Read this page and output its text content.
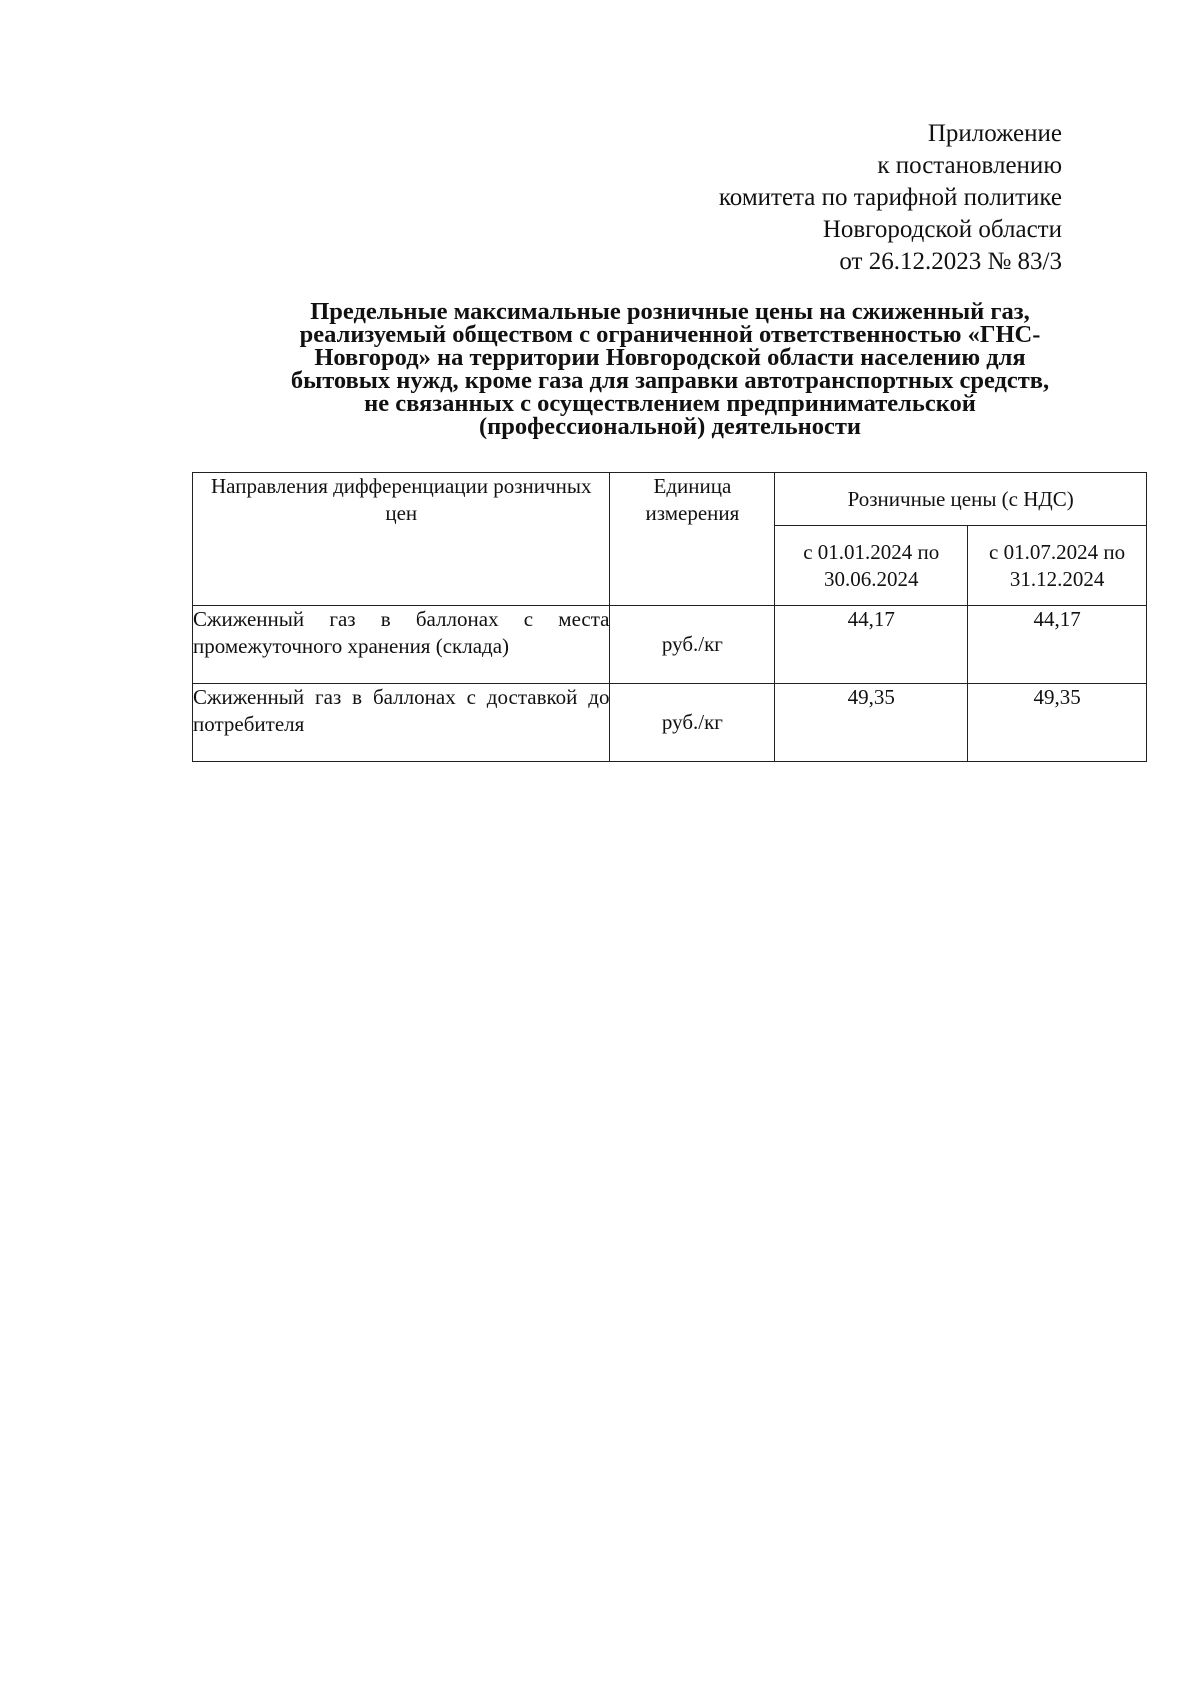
Приложение
к постановлению
комитета по тарифной политике
Новгородской области
от 26.12.2023 № 83/3
Предельные максимальные розничные цены на сжиженный газ,
реализуемый обществом с ограниченной ответственностью «ГНС-
Новгород» на территории Новгородской области населению для
бытовых нужд, кроме газа для заправки автотранспортных средств,
не связанных с осуществлением предпринимательской
(профессиональной) деятельности
Направления дифференциации розничных цен	Единица измерения	Розничные цены (с НДС)	
		с 01.01.2024 по 30.06.2024	с 01.07.2024 по 31.12.2024
Сжиженный газ в баллонах с места промежуточного хранения (склада)	руб./кг	44,17	44,17
Сжиженный газ в баллонах с доставкой до потребителя	руб./кг	49,35	49,35
